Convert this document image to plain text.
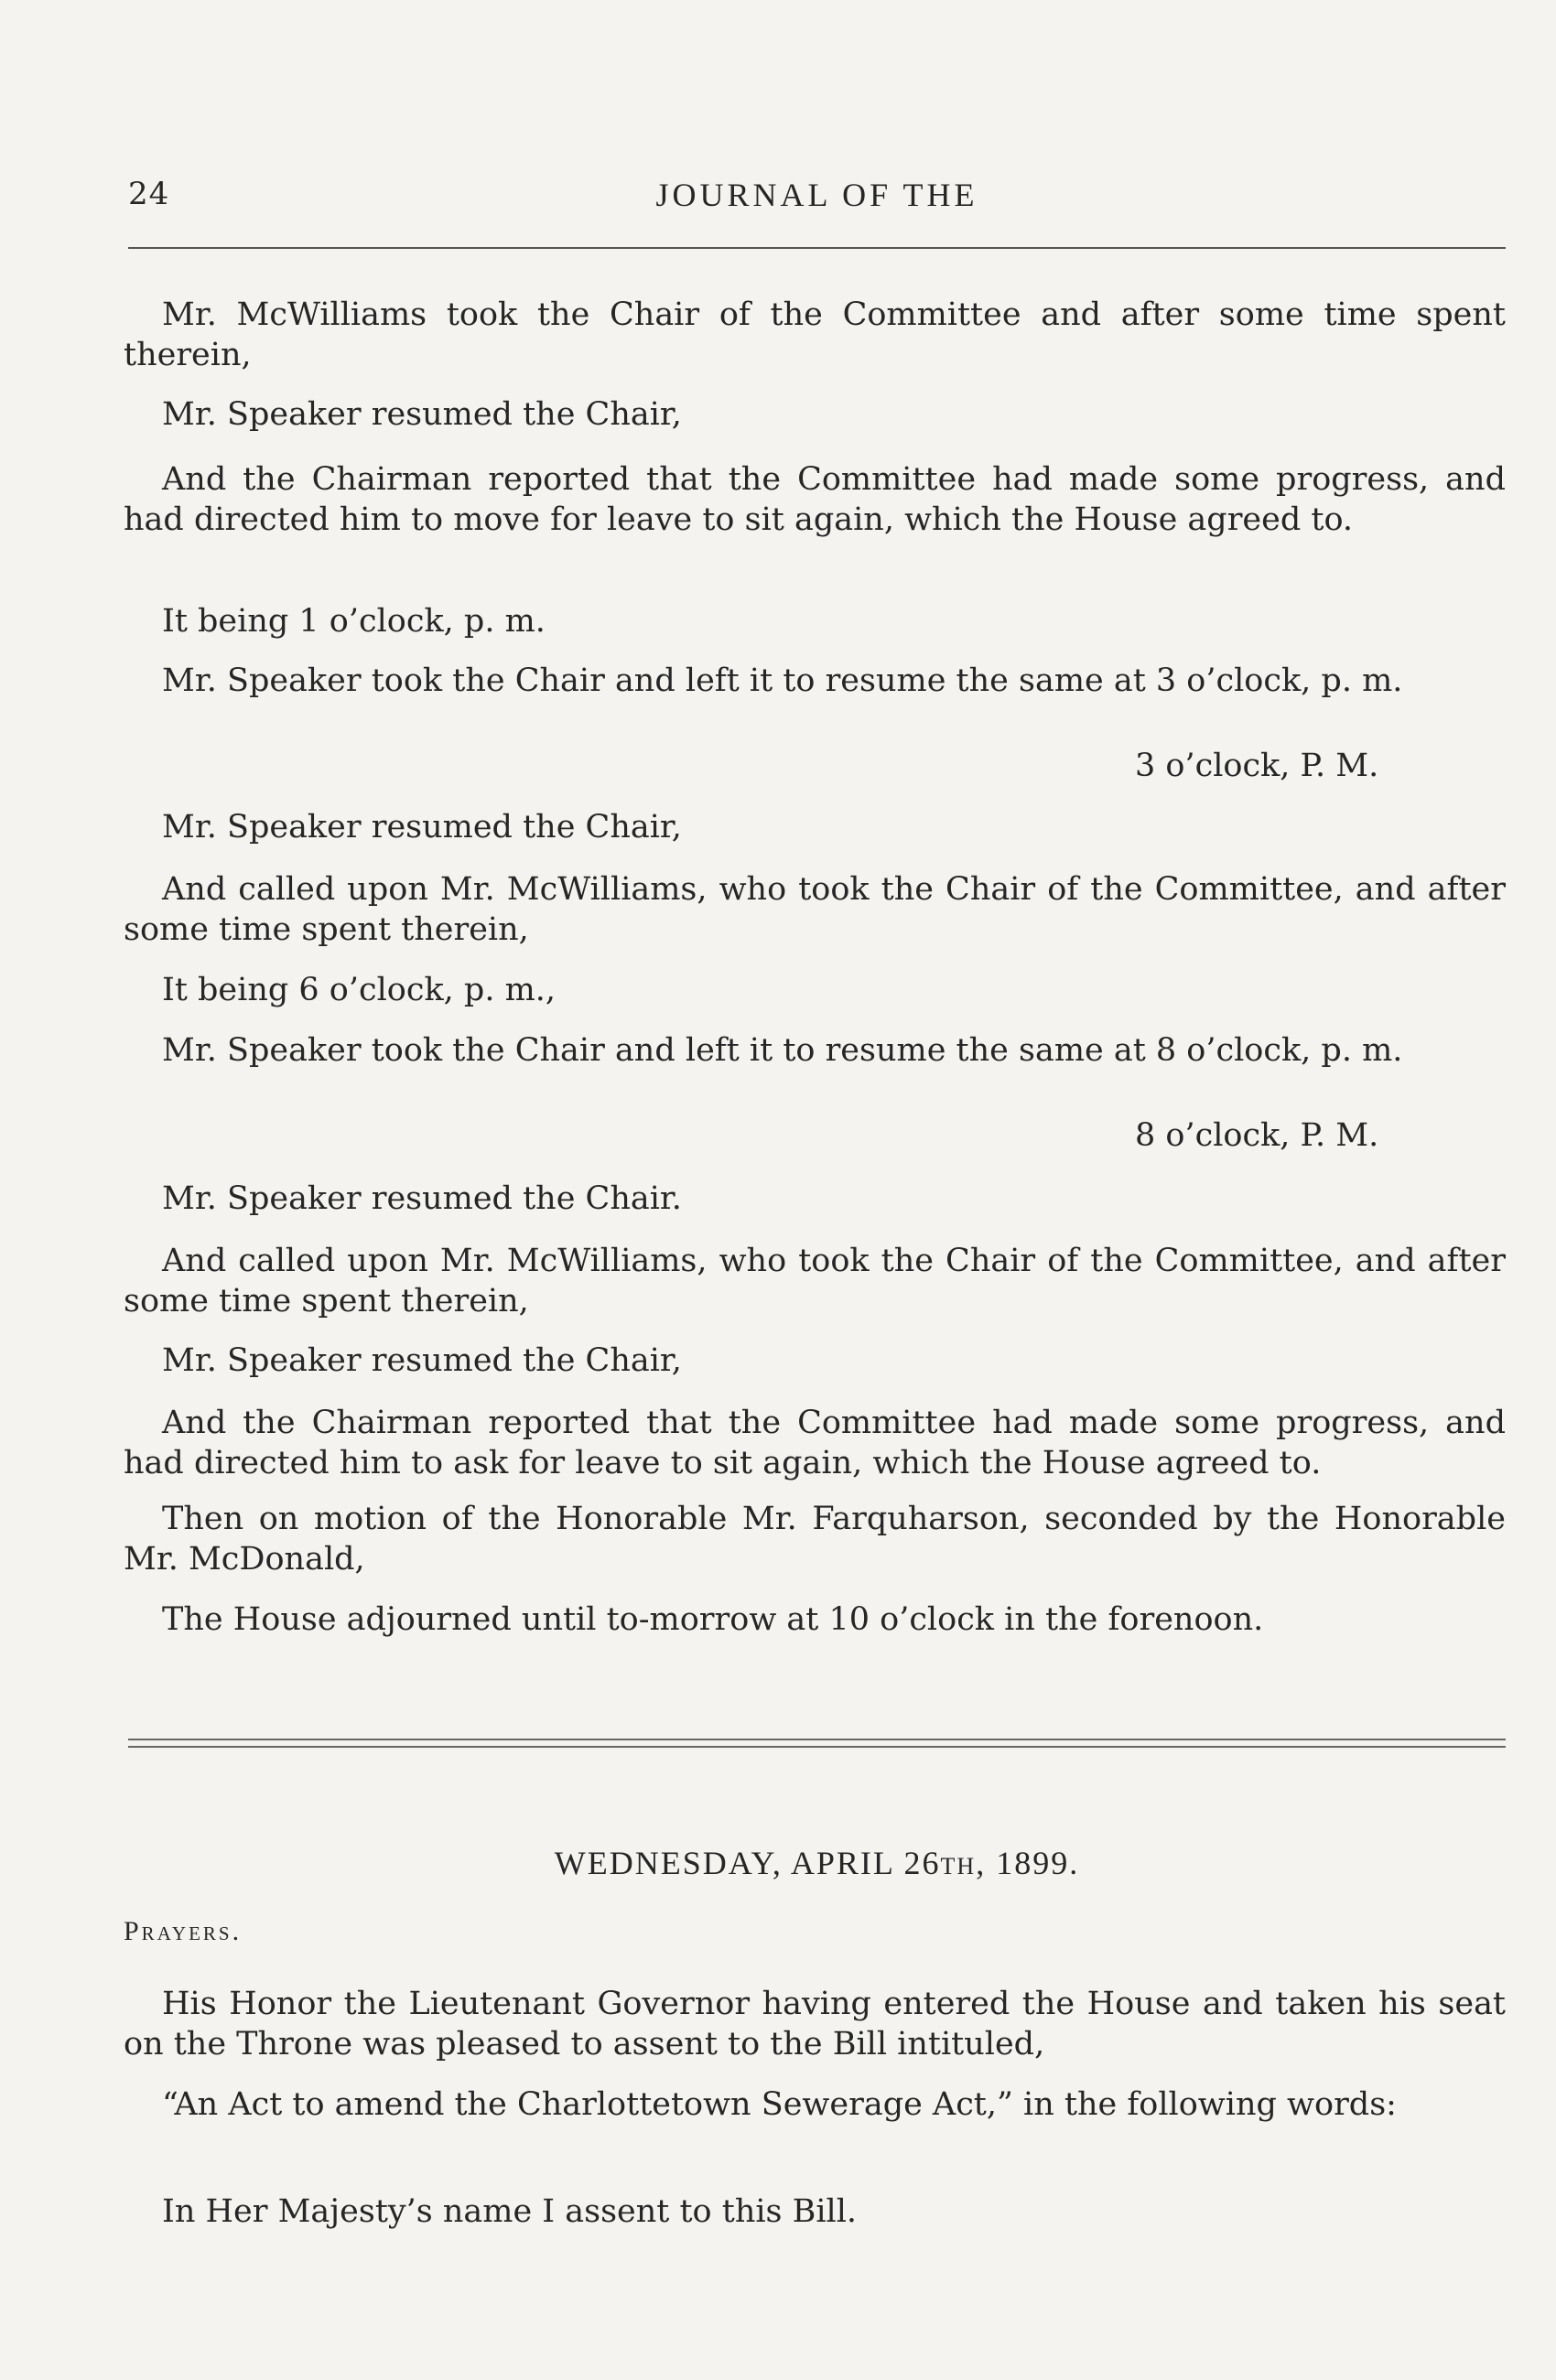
24	JOURNAL OF THE

Mr. McWilliams took the Chair of the Committee and after some time spent therein,

Mr. Speaker resumed the Chair,

And the Chairman reported that the Committee had made some progress, and had directed him to move for leave to sit again, which the House agreed to.

It being 1 o’clock, p. m.

Mr. Speaker took the Chair and left it to resume the same at 3 o’clock, p. m.

3 o’clock, P. M.

Mr. Speaker resumed the Chair,

And called upon Mr. McWilliams, who took the Chair of the Committee, and after some time spent therein,

It being 6 o’clock, p. m.,

Mr. Speaker took the Chair and left it to resume the same at 8 o’clock, p. m.

8 o’clock, P. M.

Mr. Speaker resumed the Chair.

And called upon Mr. McWilliams, who took the Chair of the Committee, and after some time spent therein,

Mr. Speaker resumed the Chair,

And the Chairman reported that the Committee had made some progress, and had directed him to ask for leave to sit again, which the House agreed to.

Then on motion of the Honorable Mr. Farquharson, seconded by the Honorable Mr. McDonald,

The House adjourned until to-morrow at 10 o’clock in the forenoon.

WEDNESDAY, APRIL 26TH, 1899.
Prayers.

His Honor the Lieutenant Governor having entered the House and taken his seat on the Throne was pleased to assent to the Bill intituled,

“An Act to amend the Charlottetown Sewerage Act,” in the following words:

In Her Majesty’s name I assent to this Bill.
